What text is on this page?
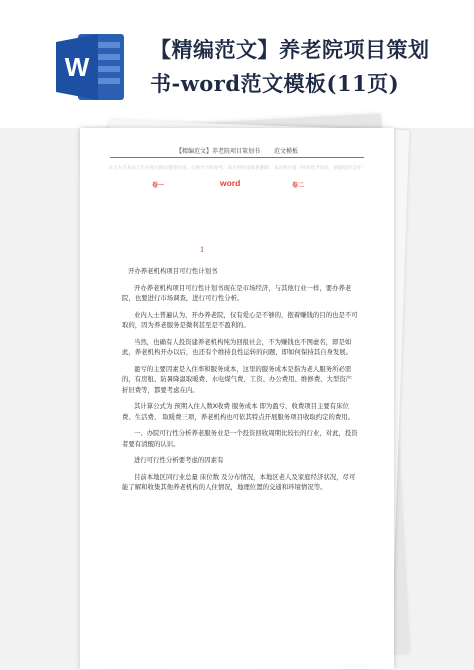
W
【精编范文】养老院项目策划
书-word范文模板(11页)
【精编范文】养老院项目策划书 范文模板
本文为自本站上传从相关网站整理而来，仅供学习和参考，如有侵权请联系删除，本站将在第一时间给予回复，感谢您的支持！
卷一	word	卷二
1

开办养老机构项目可行性计划书

开办养老机构项目可行性计划书现在是市场经济，与其他行业一样，要办养老院，也要进行市场调查，进行可行性分析。

业内人士普遍认为，开办养老院，仅有爱心是不够的，抱着赚钱的目的也是不可取的，因为养老服务是微利甚至是不盈利的。

当然，也确有人投资建养老机构纯为回报社会，不为赚钱也不图虚名，即是如此，养老机构开办以后，也还有个维持良性运转的问题，即如何保持其自身发展。

盈亏的主要因素是入住率和服务成本，这里的服务成本是指为老人服务所必需的，有房租、防暑降温取暖费、水电煤气费、工资、办公费用、维修费、大型资产折旧费等，都要考虑在内。

其计算公式为 预期入住人数X收费 服务成本 即为盈亏，收费项目主要有床位费、生活费、 取暖费三项，养老机构也可依其特点开展服务项目收取约定的费用。

一、办院可行性分析养老服务业是一个投资回收周期比较长的行业，对此，投资者要有清醒的认识。

进行可行性分析要考虑的因素有

目前本地区同行业总量 床位数 及分布情况，本地区老人及家庭经济状况，尽可能了解和收集其他养老机构的人住情况，地理位置的交通和环境情况等。
